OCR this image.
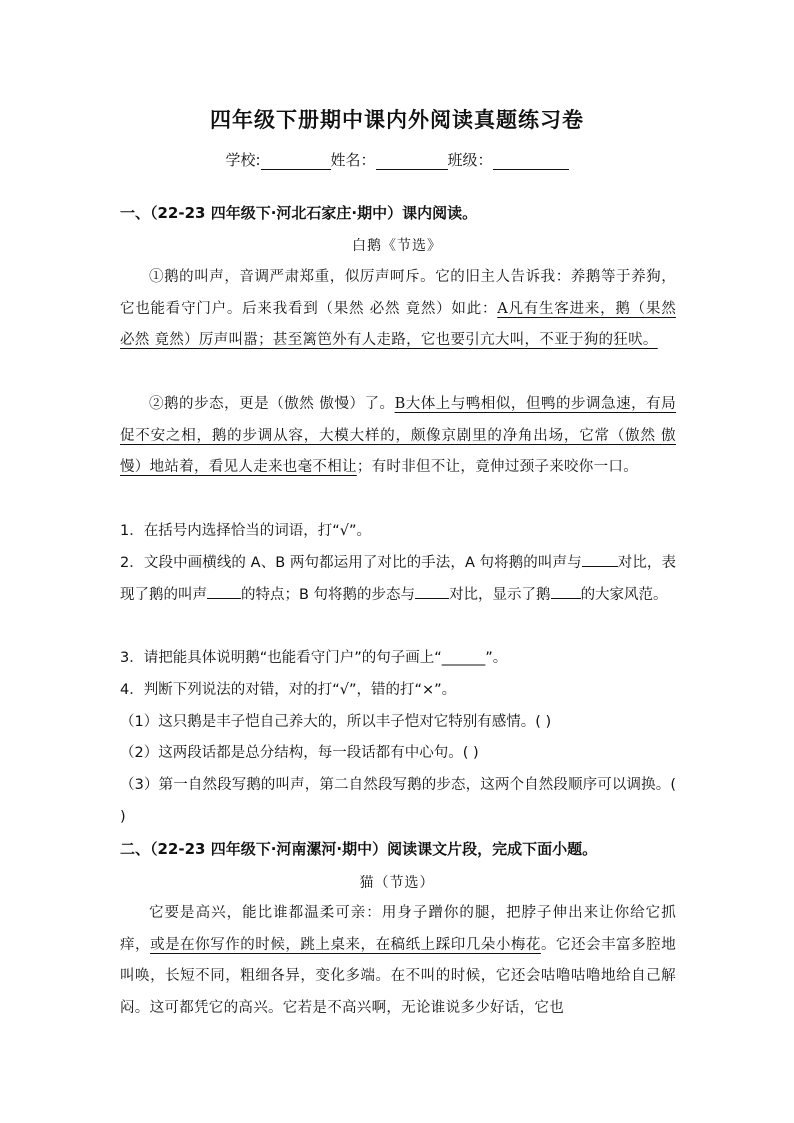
四年级下册期中课内外阅读真题练习卷
学校:	姓名：	班级：
一、（22-23 四年级下·河北石家庄·期中）课内阅读。
白鹅《节选》
①鹅的叫声，音调严肃郑重，似厉声呵斥。它的旧主人告诉我：养鹅等于养狗，它也能看守门户。后来我看到（果然 必然 竟然）如此：A凡有生客进来，鹅（果然 必然 竟然）厉声叫嚣；甚至篱笆外有人走路，它也要引亢大叫，不亚于狗的狂吠。
②鹅的步态，更是（傲然 傲慢）了。B大体上与鸭相似，但鸭的步调急速，有局促不安之相，鹅的步调从容，大模大样的，颇像京剧里的净角出场，它常（傲然 傲慢）地站着，看见人走来也毫不相让；有时非但不让，竟伸过颈子来咬你一口。
1．在括号内选择恰当的词语，打“√”。
2．文段中画横线的 A、B 两句都运用了对比的手法，A 句将鹅的叫声与 对比，表现了鹅的叫声 的特点；B 句将鹅的步态与 对比，显示了鹅 的大家风范。
3．请把能具体说明鹅“也能看守门户”的句子画上“______”。
4．判断下列说法的对错，对的打“√”，错的打“×”。
（1）这只鹅是丰子恺自己养大的，所以丰子恺对它特别有感情。( )
（2）这两段话都是总分结构，每一段话都有中心句。( )
（3）第一自然段写鹅的叫声，第二自然段写鹅的步态，这两个自然段顺序可以调换。( )
二、（22-23 四年级下·河南漯河·期中）阅读课文片段，完成下面小题。
猫（节选）
它要是高兴，能比谁都温柔可亲：用身子蹭你的腿，把脖子伸出来让你给它抓痒，或是在你写作的时候，跳上桌来，在稿纸上踩印几朵小梅花。它还会丰富多腔地叫唤，长短不同，粗细各异，变化多端。在不叫的时候，它还会咕噜咕噜地给自己解闷。这可都凭它的高兴。它若是不高兴啊，无论谁说多少好话，它也
